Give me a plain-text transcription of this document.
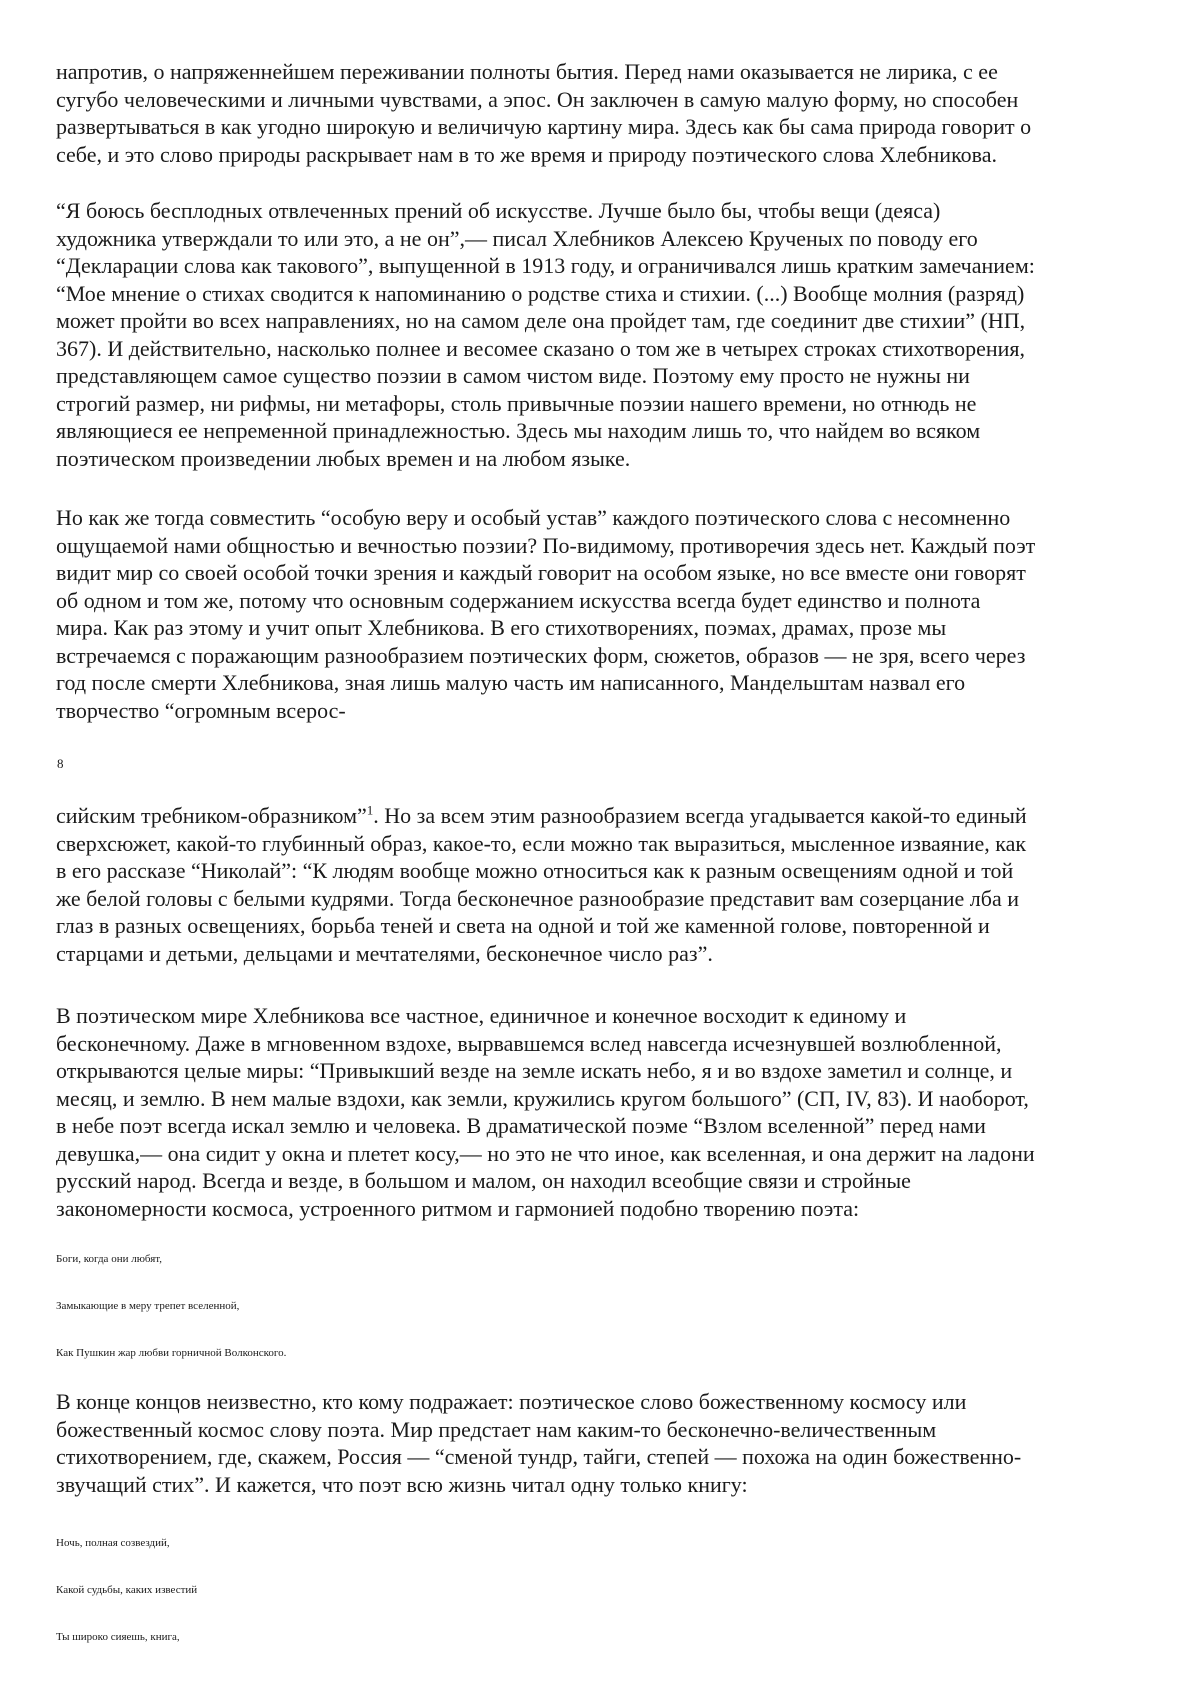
напротив, о напряженнейшем переживании полноты бытия. Перед нами оказывается не лирика, с ее
сугубо человеческими и личными чувствами, а эпос. Он заключен в самую малую форму, но способен
развертываться в как угодно широкую и величичую картину мира. Здесь как бы сама природа говорит о
себе, и это слово природы раскрывает нам в то же время и природу поэтического слова Хлебникова.

“Я боюсь бесплодных отвлеченных прений об искусстве. Лучше было бы, чтобы вещи (деяса)
художника утверждали то или это, а не он”,— писал Хлебников Алексею Крученых по поводу его
“Декларации слова как такового”, выпущенной в 1913 году, и ограничивался лишь кратким замечанием:
“Мое мнение о стихах сводится к напоминанию о родстве стиха и стихии. (...) Вообще молния (разряд)
может пройти во всех направлениях, но на самом деле она пройдет там, где соединит две стихии” (НП,
367). И действительно, насколько полнее и весомее сказано о том же в четырех строках стихотворения,
представляющем самое существо поэзии в самом чистом виде. Поэтому ему просто не нужны ни
строгий размер, ни рифмы, ни метафоры, столь привычные поэзии нашего времени, но отнюдь не
являющиеся ее непременной принадлежностью. Здесь мы находим лишь то, что найдем во всяком
поэтическом произведении любых времен и на любом языке.

Но как же тогда совместить “особую веру и особый устав” каждого поэтического слова с несомненно
ощущаемой нами общностью и вечностью поэзии? По-видимому, противоречия здесь нет. Каждый поэт
видит мир со своей особой точки зрения и каждый говорит на особом языке, но все вместе они говорят
об одном и том же, потому что основным содержанием искусства всегда будет единство и полнота
мира. Как раз этому и учит опыт Хлебникова. В его стихотворениях, поэмах, драмах, прозе мы
встречаемся с поражающим разнообразием поэтических форм, сюжетов, образов — не зря, всего через
год после смерти Хлебникова, зная лишь малую часть им написанного, Мандельштам назвал его
творчество “огромным всерос-

8

сийским требником-образником”$^1$. Но за всем этим разнообразием всегда угадывается какой-то единый
сверхсюжет, какой-то глубинный образ, какое-то, если можно так выразиться, мысленное изваяние, как
в его рассказе “Николай”: “К людям вообще можно относиться как к разным освещениям одной и той
же белой головы с белыми кудрями. Тогда бесконечное разнообразие представит вам созерцание лба и
глаз в разных освещениях, борьба теней и света на одной и той же каменной голове, повторенной и
старцами и детьми, дельцами и мечтателями, бесконечное число раз”.

В поэтическом мире Хлебникова все частное, единичное и конечное восходит к единому и
бесконечному. Даже в мгновенном вздохе, вырвавшемся вслед навсегда исчезнувшей возлюбленной,
открываются целые миры: “Привыкший везде на земле искать небо, я и во вздохе заметил и солнце, и
месяц, и землю. В нем малые вздохи, как земли, кружились кругом большого” (СП, IV, 83). И наоборот,
в небе поэт всегда искал землю и человека. В драматической поэме “Взлом вселенной” перед нами
девушка,— она сидит у окна и плетет косу,— но это не что иное, как вселенная, и она держит на ладони
русский народ. Всегда и везде, в большом и малом, он находил всеобщие связи и стройные
закономерности космоса, устроенного ритмом и гармонией подобно творению поэта:

Боги, когда они любят,
Замыкающие в меру трепет вселенной,
Как Пушкин жар любви горничной Волконского.

В конце концов неизвестно, кто кому подражает: поэтическое слово божественному космосу или
божественный космос слову поэта. Мир предстает нам каким-то бесконечно-величественным
стихотворением, где, скажем, Россия — “сменой тундр, тайги, степей — похожа на один божественно-
звучащий стих”. И кажется, что поэт всю жизнь читал одну только книгу:

Ночь, полная созвездий,
Какой судьбы, каких известий
Ты широко сияешь, книга,
